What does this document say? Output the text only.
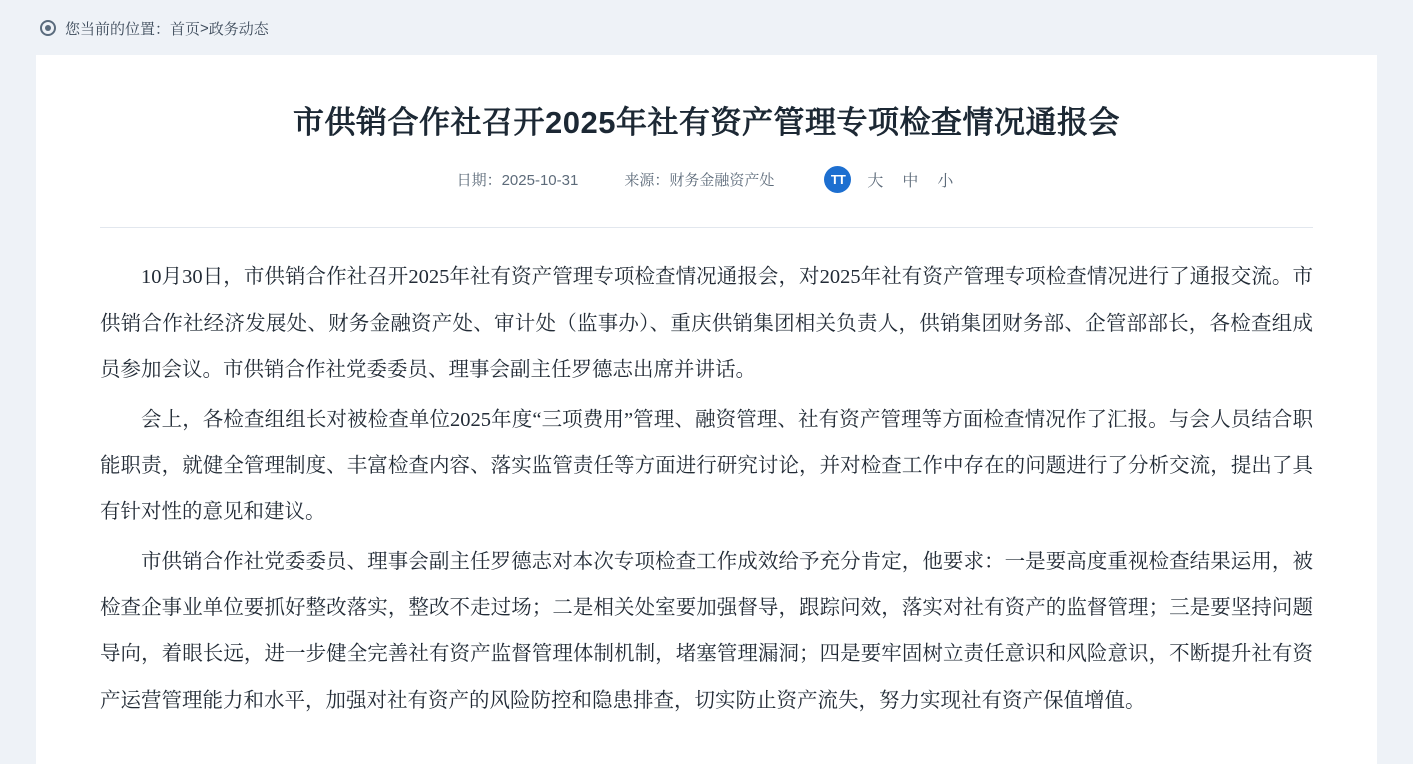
您当前的位置： 首页 > 政务动态
市供销合作社召开2025年社有资产管理专项检查情况通报会
日期：2025-10-31	来源：财务金融资产处	TT	大 中 小

10月30日，市供销合作社召开2025年社有资产管理专项检查情况通报会，对2025年社有资产管理专项检查情况进行了通报交流。市供销合作社经济发展处、财务金融资产处、审计处（监事办）、重庆供销集团相关负责人，供销集团财务部、企管部部长，各检查组成员参加会议。市供销合作社党委委员、理事会副主任罗德志出席并讲话。

会上，各检查组组长对被检查单位2025年度“三项费用”管理、融资管理、社有资产管理等方面检查情况作了汇报。与会人员结合职能职责，就健全管理制度、丰富检查内容、落实监管责任等方面进行研究讨论，并对检查工作中存在的问题进行了分析交流，提出了具有针对性的意见和建议。

市供销合作社党委委员、理事会副主任罗德志对本次专项检查工作成效给予充分肯定，他要求：一是要高度重视检查结果运用，被检查企事业单位要抓好整改落实，整改不走过场；二是相关处室要加强督导，跟踪问效，落实对社有资产的监督管理；三是要坚持问题导向，着眼长远，进一步健全完善社有资产监督管理体制机制，堵塞管理漏洞；四是要牢固树立责任意识和风险意识，不断提升社有资产运营管理能力和水平，加强对社有资产的风险防控和隐患排查，切实防止资产流失，努力实现社有资产保值增值。
